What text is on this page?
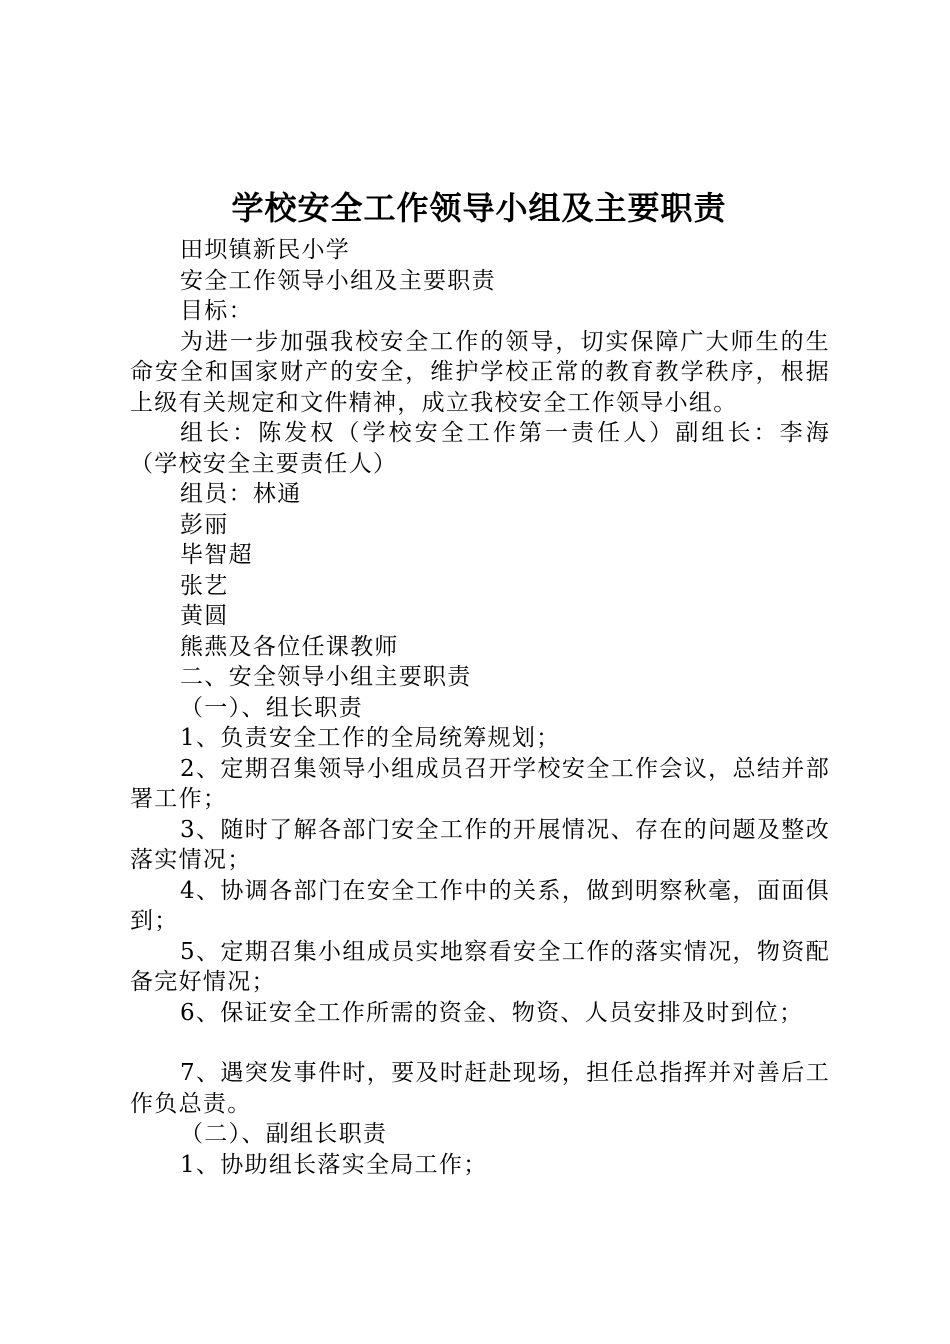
学校安全工作领导小组及主要职责

田坝镇新民小学

安全工作领导小组及主要职责

目标：

为进一步加强我校安全工作的领导，切实保障广大师生的生命安全和国家财产的安全，维护学校正常的教育教学秩序，根据上级有关规定和文件精神，成立我校安全工作领导小组。

组长：陈发权（学校安全工作第一责任人）副组长：李海（学校安全主要责任人）

组员：林通

彭丽

毕智超

张艺

黄圆

熊燕及各位任课教师

二、安全领导小组主要职责

（一）、组长职责

1、负责安全工作的全局统筹规划；

2、定期召集领导小组成员召开学校安全工作会议，总结并部署工作；

3、随时了解各部门安全工作的开展情况、存在的问题及整改落实情况；

4、协调各部门在安全工作中的关系，做到明察秋毫，面面俱到；

5、定期召集小组成员实地察看安全工作的落实情况，物资配备完好情况；

6、保证安全工作所需的资金、物资、人员安排及时到位；

7、遇突发事件时，要及时赶赴现场，担任总指挥并对善后工作负总责。

（二）、副组长职责

1、协助组长落实全局工作；
